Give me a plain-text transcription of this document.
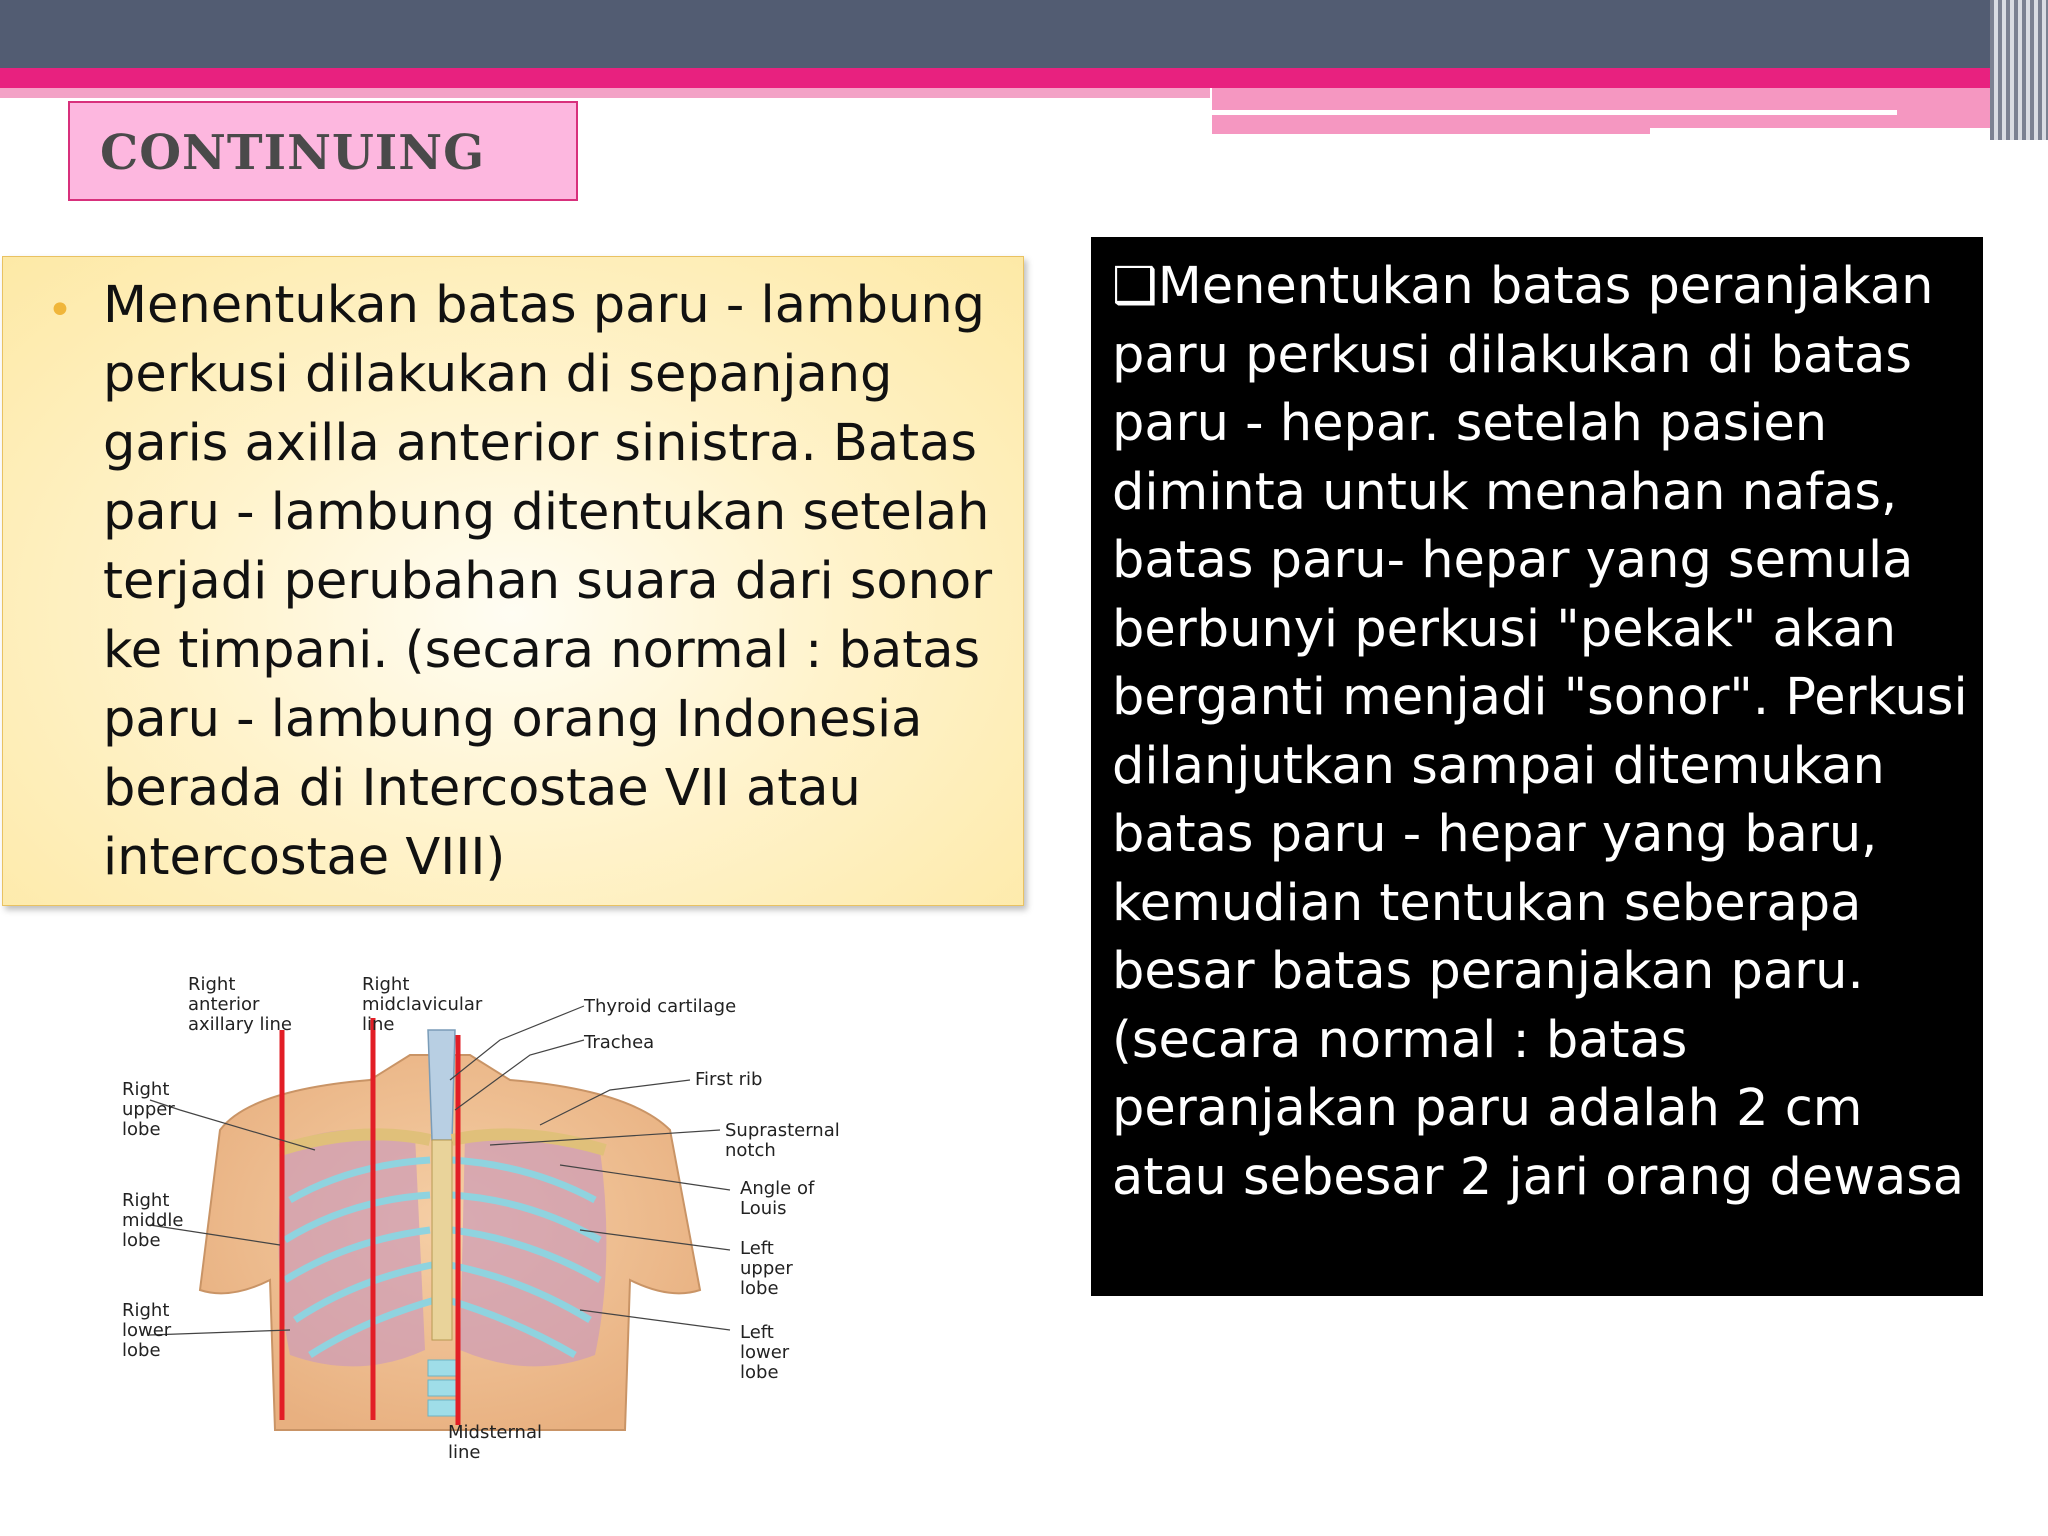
CONTINUING
• Menentukan batas paru - lambung perkusi dilakukan di sepanjang garis axilla anterior sinistra. Batas paru - lambung ditentukan setelah terjadi perubahan suara dari sonor ke timpani. (secara normal : batas paru - lambung orang Indonesia berada di Intercostae VII atau intercostae VIII)
❑Menentukan batas peranjakan paru perkusi dilakukan di batas paru - hepar. setelah pasien diminta untuk menahan nafas, batas paru- hepar yang semula berbunyi perkusi "pekak" akan berganti menjadi "sonor". Perkusi dilanjutkan sampai ditemukan batas paru - hepar yang baru, kemudian tentukan seberapa besar batas peranjakan paru. (secara normal : batas peranjakan paru adalah 2 cm atau sebesar 2 jari orang dewasa
Right
anterior
axillary line
Right
midclavicular
line
Thyroid cartilage
Trachea
First rib
Right
upper
lobe	Suprasternal
notch
Angle of
Louis
Right
middle
lobe	Left
upper
lobe
Right
lower
lobe
Left
lower
lobe
Midsternal
line
